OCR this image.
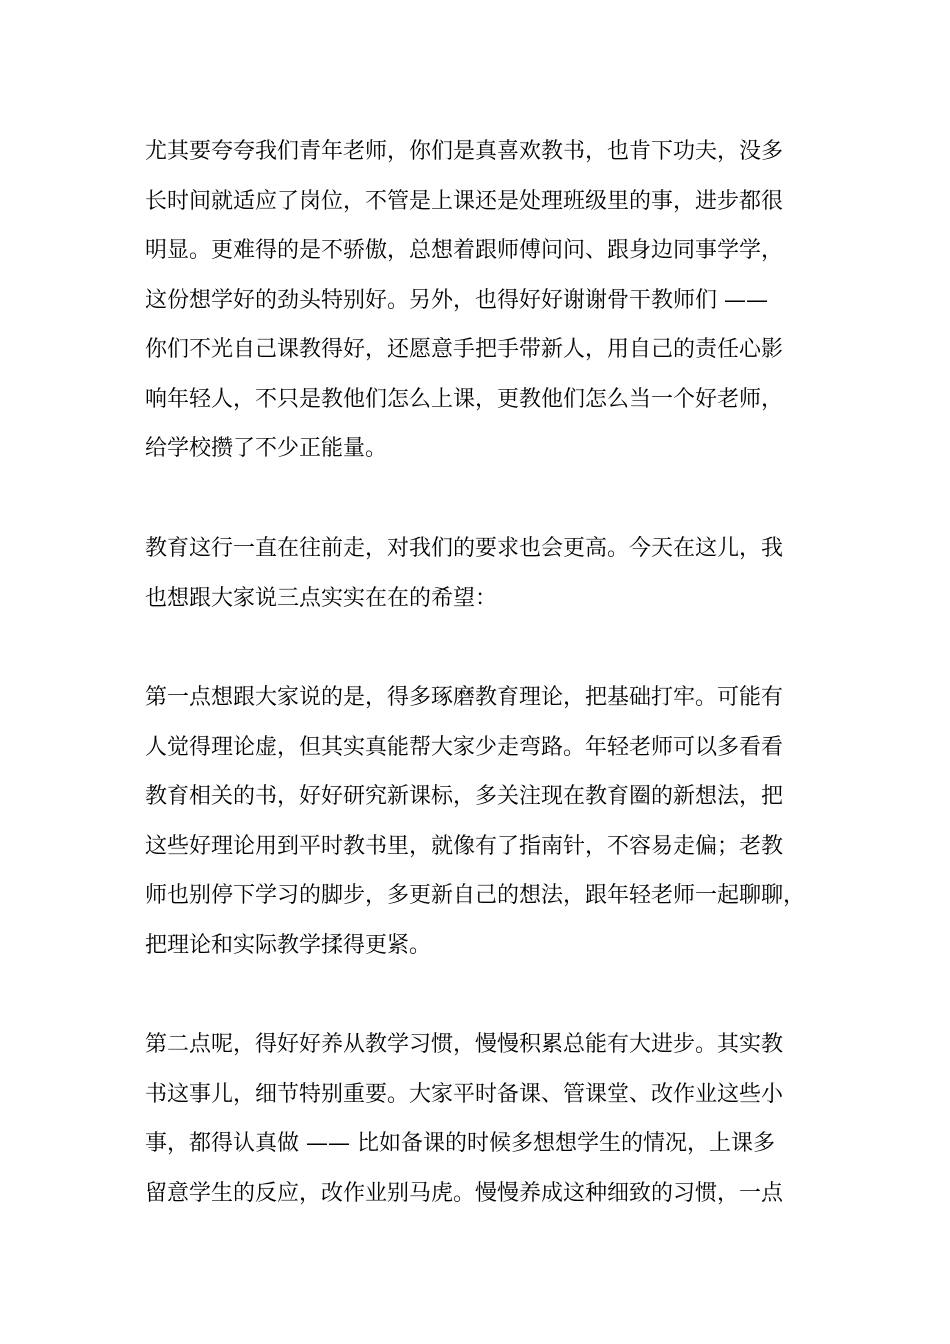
尤其要夸夸我们青年老师，你们是真喜欢教书，也肯下功夫，没多
长时间就适应了岗位，不管是上课还是处理班级里的事，进步都很
明显。更难得的是不骄傲，总想着跟师傅问问、跟身边同事学学，
这份想学好的劲头特别好。另外，也得好好谢谢骨干教师们 ——
你们不光自己课教得好，还愿意手把手带新人，用自己的责任心影
响年轻人，不只是教他们怎么上课，更教他们怎么当一个好老师，
给学校攒了不少正能量。
教育这行一直在往前走，对我们的要求也会更高。今天在这儿，我
也想跟大家说三点实实在在的希望：
第一点想跟大家说的是，得多琢磨教育理论，把基础打牢。可能有
人觉得理论虚，但其实真能帮大家少走弯路。年轻老师可以多看看
教育相关的书，好好研究新课标，多关注现在教育圈的新想法，把
这些好理论用到平时教书里，就像有了指南针，不容易走偏；老教
师也别停下学习的脚步，多更新自己的想法，跟年轻老师一起聊聊，
把理论和实际教学揉得更紧。
第二点呢，得好好养从教学习惯，慢慢积累总能有大进步。其实教
书这事儿，细节特别重要。大家平时备课、管课堂、改作业这些小
事，都得认真做 —— 比如备课的时候多想想学生的情况，上课多
留意学生的反应，改作业别马虎。慢慢养成这种细致的习惯，一点
